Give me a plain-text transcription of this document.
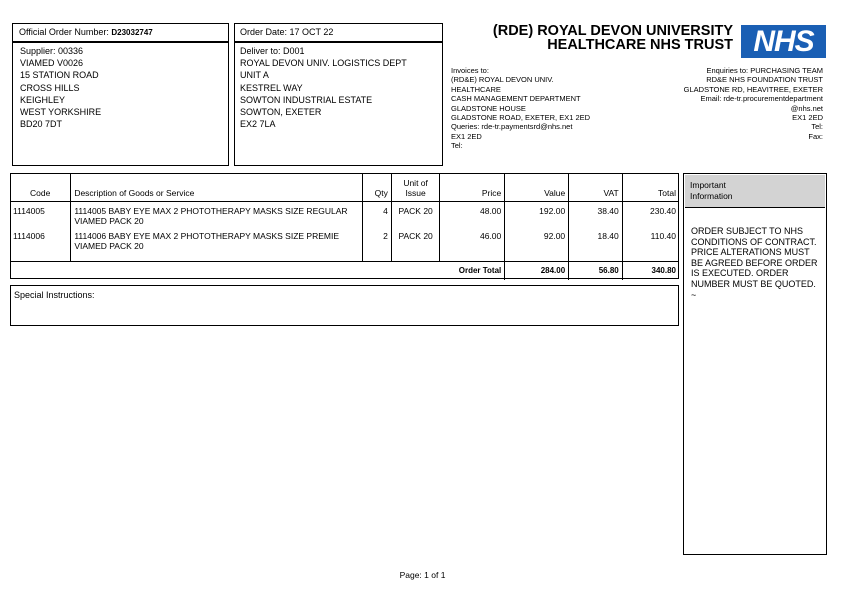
Official Order Number: D23032747
Supplier: 00336
VIAMED V0026
15 STATION ROAD
CROSS HILLS
KEIGHLEY
WEST YORKSHIRE
BD20 7DT
Order Date: 17 OCT 22
Deliver to: D001
ROYAL DEVON UNIV. LOGISTICS DEPT
UNIT A
KESTREL WAY
SOWTON INDUSTRIAL ESTATE
SOWTON, EXETER
EX2 7LA
(RDE) ROYAL DEVON UNIVERSITY
HEALTHCARE NHS TRUST NHS
Invoices to:
(RD&E) ROYAL DEVON UNIV.
HEALTHCARE
CASH MANAGEMENT DEPARTMENT
GLADSTONE HOUSE
GLADSTONE ROAD, EXETER, EX1 2ED
Queries: rde-tr.paymentsrd@nhs.net
EX1 2ED
Tel:
Enquiries to: PURCHASING TEAM
RD&E NHS FOUNDATION TRUST
GLADSTONE RD, HEAVITREE, EXETER
Email: rde-tr.procurementdepartment
@nhs.net
EX1 2ED
Tel:
Fax:
Code	Description of Goods or Service	Qty	Unit of Issue	Price	Value	VAT	Total
1114005	1114005 BABY EYE MAX 2 PHOTOTHERAPY MASKS SIZE REGULAR VIAMED PACK 20	4	PACK 20	48.00	192.00	38.40	230.40
1114006	1114006 BABY EYE MAX 2 PHOTOTHERAPY MASKS SIZE PREMIE VIAMED PACK 20	2	PACK 20	46.00	92.00	18.40	110.40
Order Total					284.00	56.80	340.80
Special Instructions:
Important
Information
ORDER SUBJECT TO NHS CONDITIONS OF CONTRACT. PRICE ALTERATIONS MUST BE AGREED BEFORE ORDER IS EXECUTED. ORDER NUMBER MUST BE QUOTED. ~
Page: 1 of 1
